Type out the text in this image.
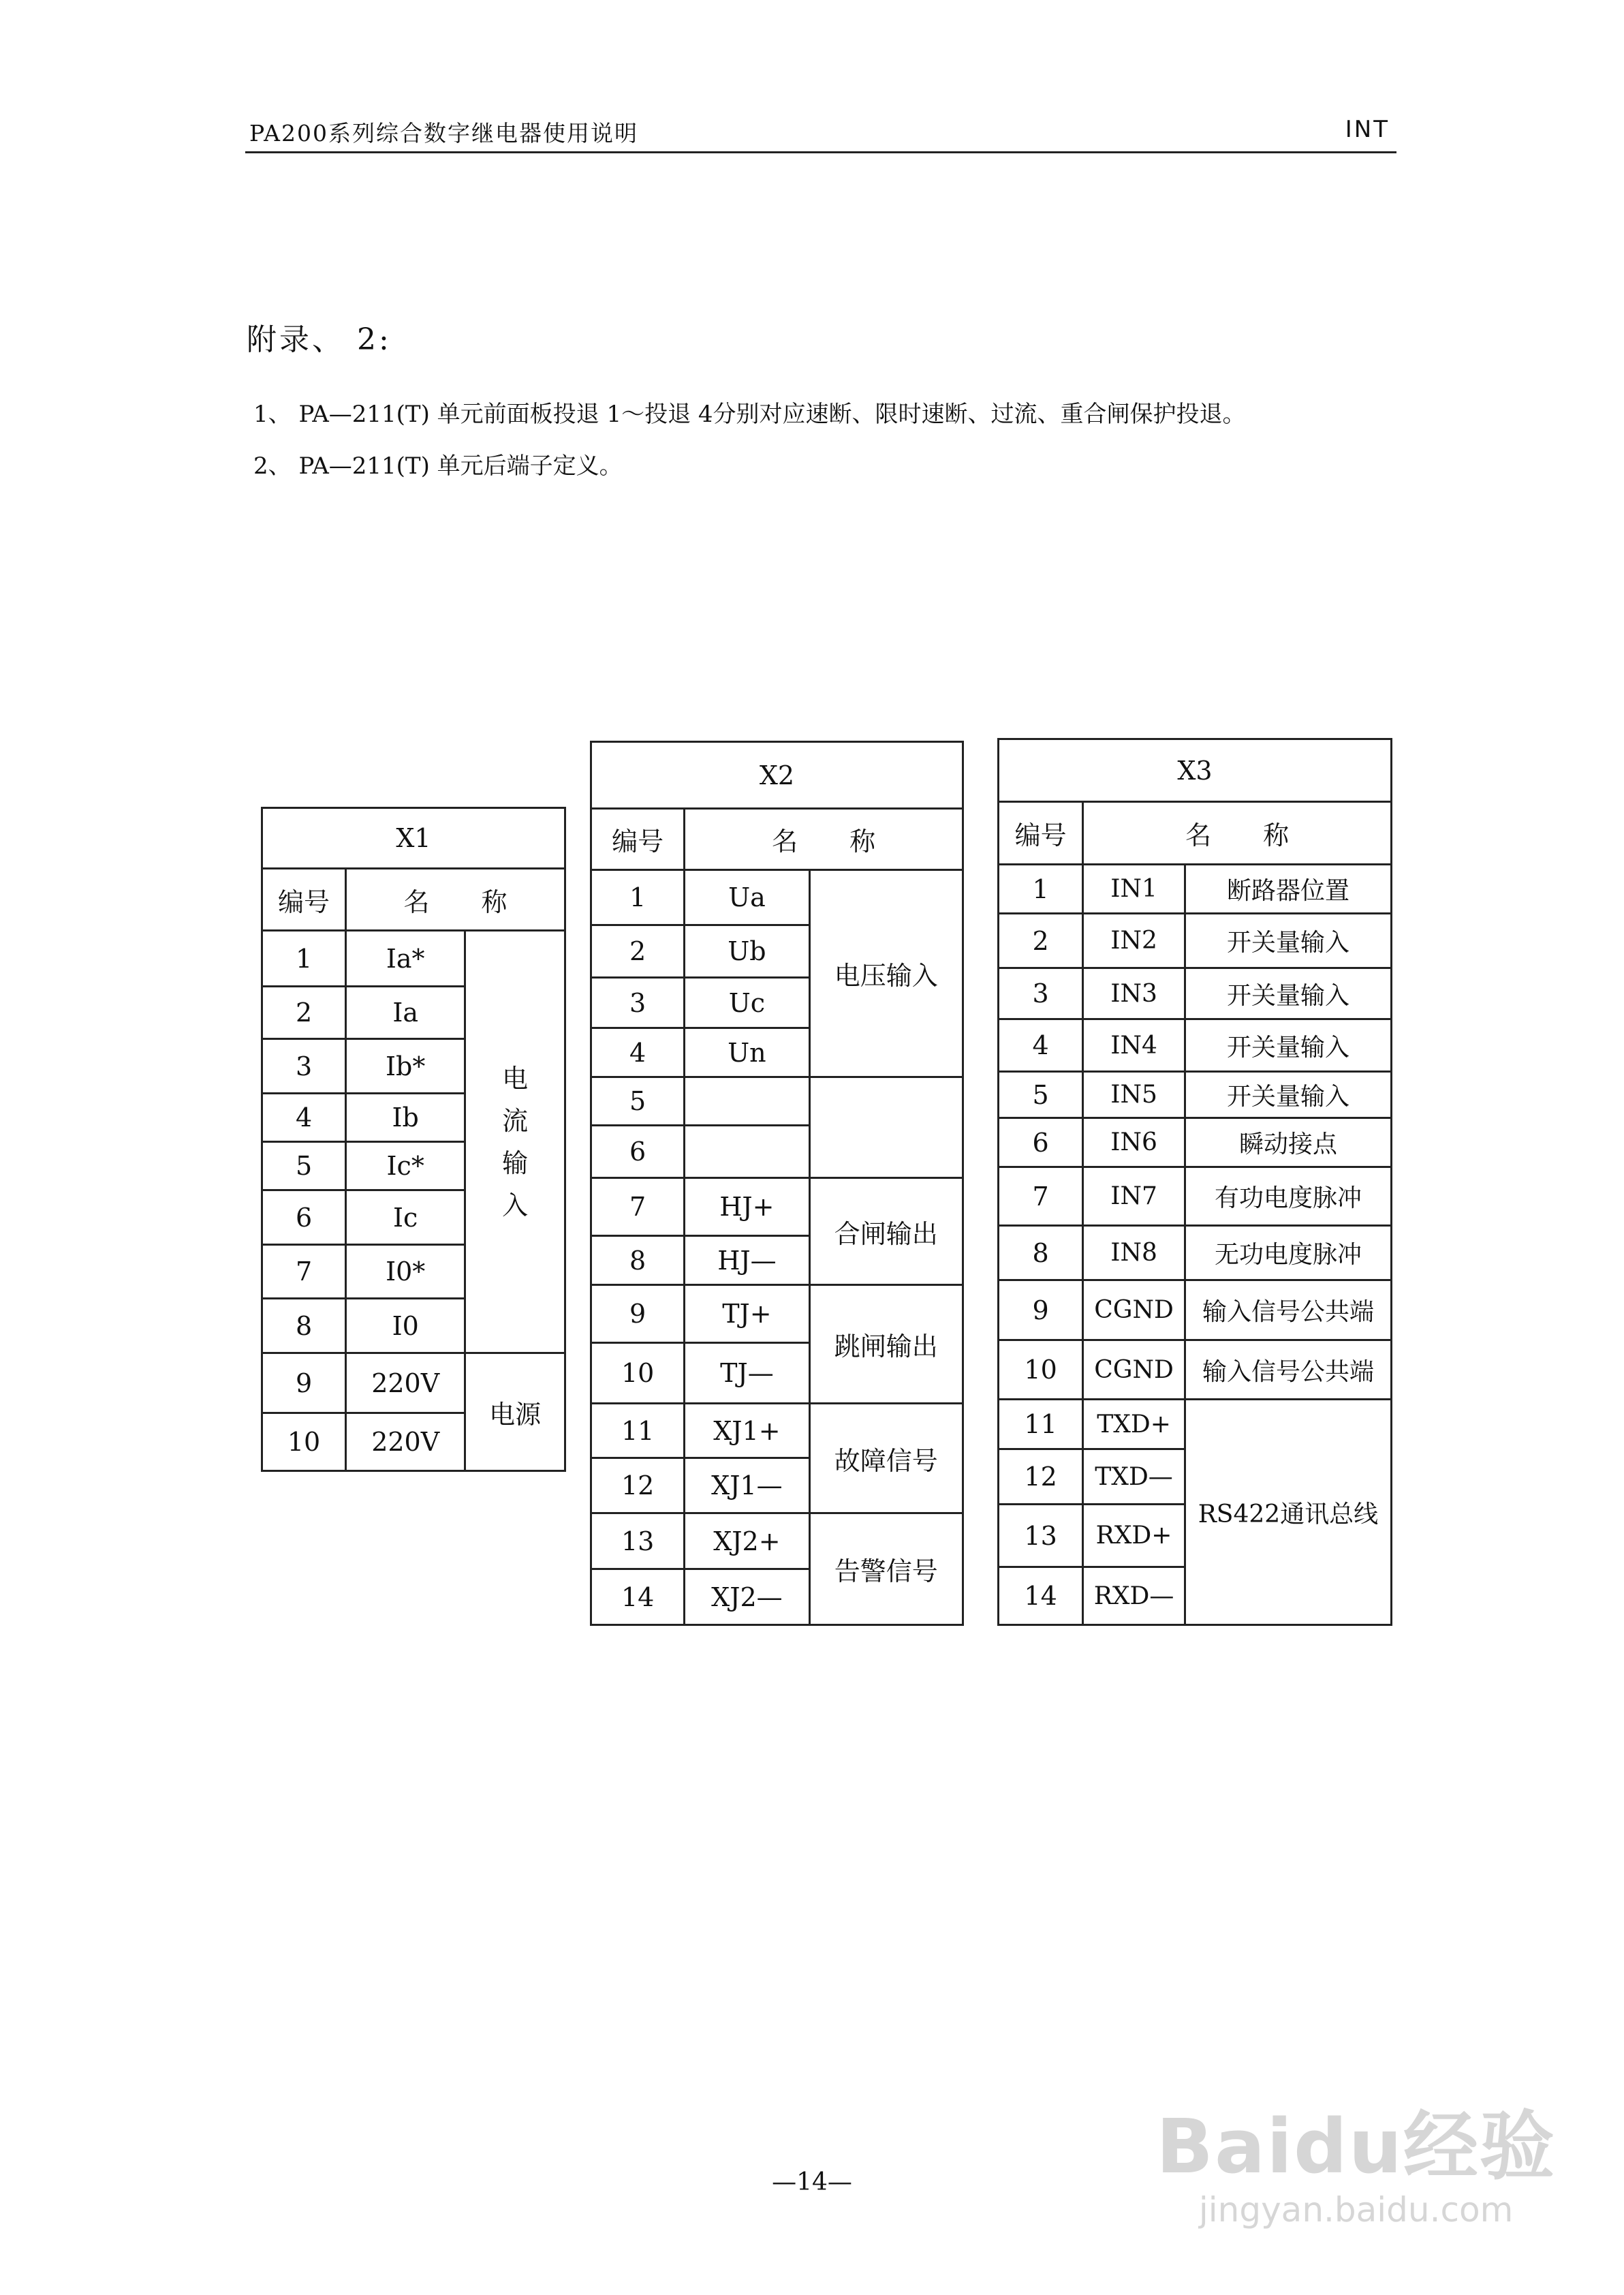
PA200系列综合数字继电器使用说明	INT
附录、 2:
1、 PA—211(T) 单元前面板投退 1～投退 4分别对应速断、限时速断、过流、重合闸保护投退。
2、 PA—211(T) 单元后端子定义。
X1		
编号	名　　称	
1	Ia*	电
流
输
入

2	Ia	
3	Ib*	
4	Ib	
5	Ic*	
6	Ic	
7	I0*	
8	I0	
9	220V	电源
10	220V	
X2		
编号	名　　称	
1	Ua	电压输入
2	Ub	
3	Uc	
4	Un	
5		
6		
7	HJ+	合闸输出
8	HJ—	
9	TJ+	跳闸输出
10	TJ—	
11	XJ1+	故障信号
12	XJ1—	
13	XJ2+	告警信号
14	XJ2—	
X3		
编号	名　　称	
1	IN1	断路器位置
2	IN2	开关量输入
3	IN3	开关量输入
4	IN4	开关量输入
5	IN5	开关量输入
6	IN6	瞬动接点
7	IN7	有功电度脉冲
8	IN8	无功电度脉冲
9	CGND	输入信号公共端
10	CGND	输入信号公共端
11	TXD+	RS422通讯总线
12	TXD—	
13	RXD+	
14	RXD—	
—14—	Baidu经验
jingyan.baidu.com
